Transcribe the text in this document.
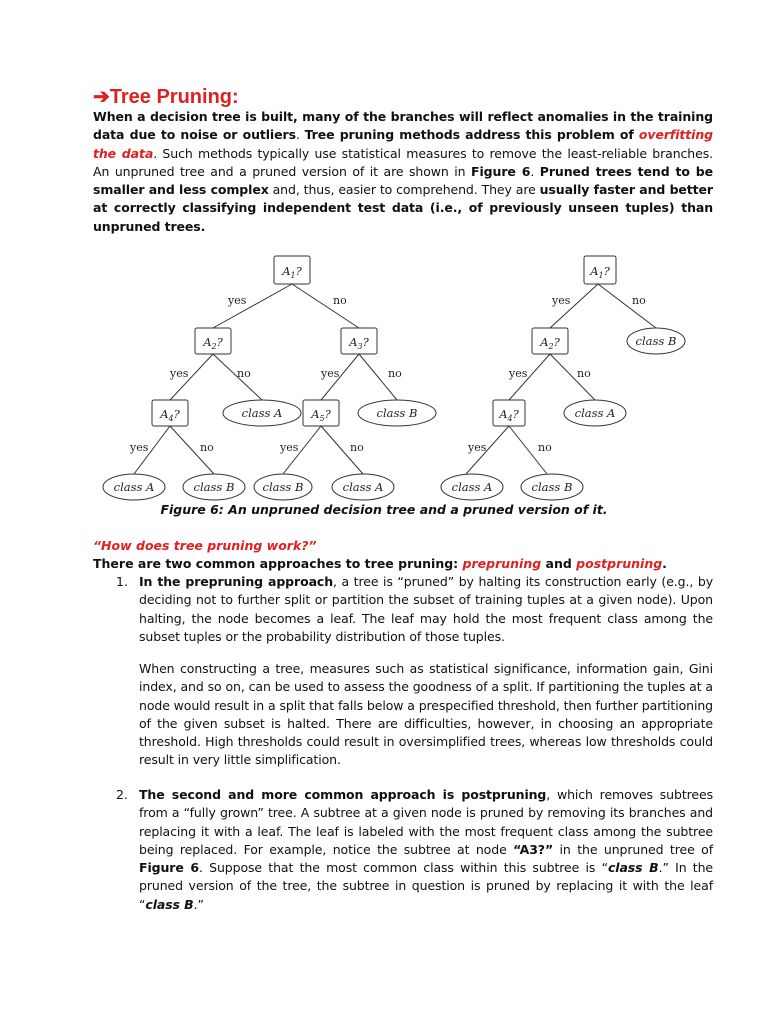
➔Tree Pruning:
When a decision tree is built, many of the branches will reflect anomalies in the training data due to noise or outliers. Tree pruning methods address this problem of overfitting the data. Such methods typically use statistical measures to remove the least-reliable branches. An unpruned tree and a pruned version of it are shown in Figure 6. Pruned trees tend to be smaller and less complex and, thus, easier to comprehend. They are usually faster and better at correctly classifying independent test data (i.e., of previously unseen tuples) than unpruned trees.
yes	no
yes	no	yes	no
yes	no	yes	no
yes	no
yes	no
yes	no
$A_1$?
$A_2$?	$A_3$?
$A_4$?	class A	$A_5$?	class B
class A	class B class B	class A
$A_1$?
$A_2$?	class B
$A_4$?	class A
class A	class B
Figure 6: An unpruned decision tree and a pruned version of it.
“How does tree pruning work?”
There are two common approaches to tree pruning: prepruning and postpruning.
1. In the prepruning approach, a tree is “pruned” by halting its construction early (e.g., by deciding not to further split or partition the subset of training tuples at a given node). Upon halting, the node becomes a leaf. The leaf may hold the most frequent class among the subset tuples or the probability distribution of those tuples.
When constructing a tree, measures such as statistical significance, information gain, Gini index, and so on, can be used to assess the goodness of a split. If partitioning the tuples at a node would result in a split that falls below a prespecified threshold, then further partitioning of the given subset is halted. There are difficulties, however, in choosing an appropriate threshold. High thresholds could result in oversimplified trees, whereas low thresholds could result in very little simplification.
2. The second and more common approach is postpruning, which removes subtrees from a “fully grown” tree. A subtree at a given node is pruned by removing its branches and replacing it with a leaf. The leaf is labeled with the most frequent class among the subtree being replaced. For example, notice the subtree at node “A3?” in the unpruned tree of Figure 6. Suppose that the most common class within this subtree is “class B.” In the pruned version of the tree, the subtree in question is pruned by replacing it with the leaf “class B.”
